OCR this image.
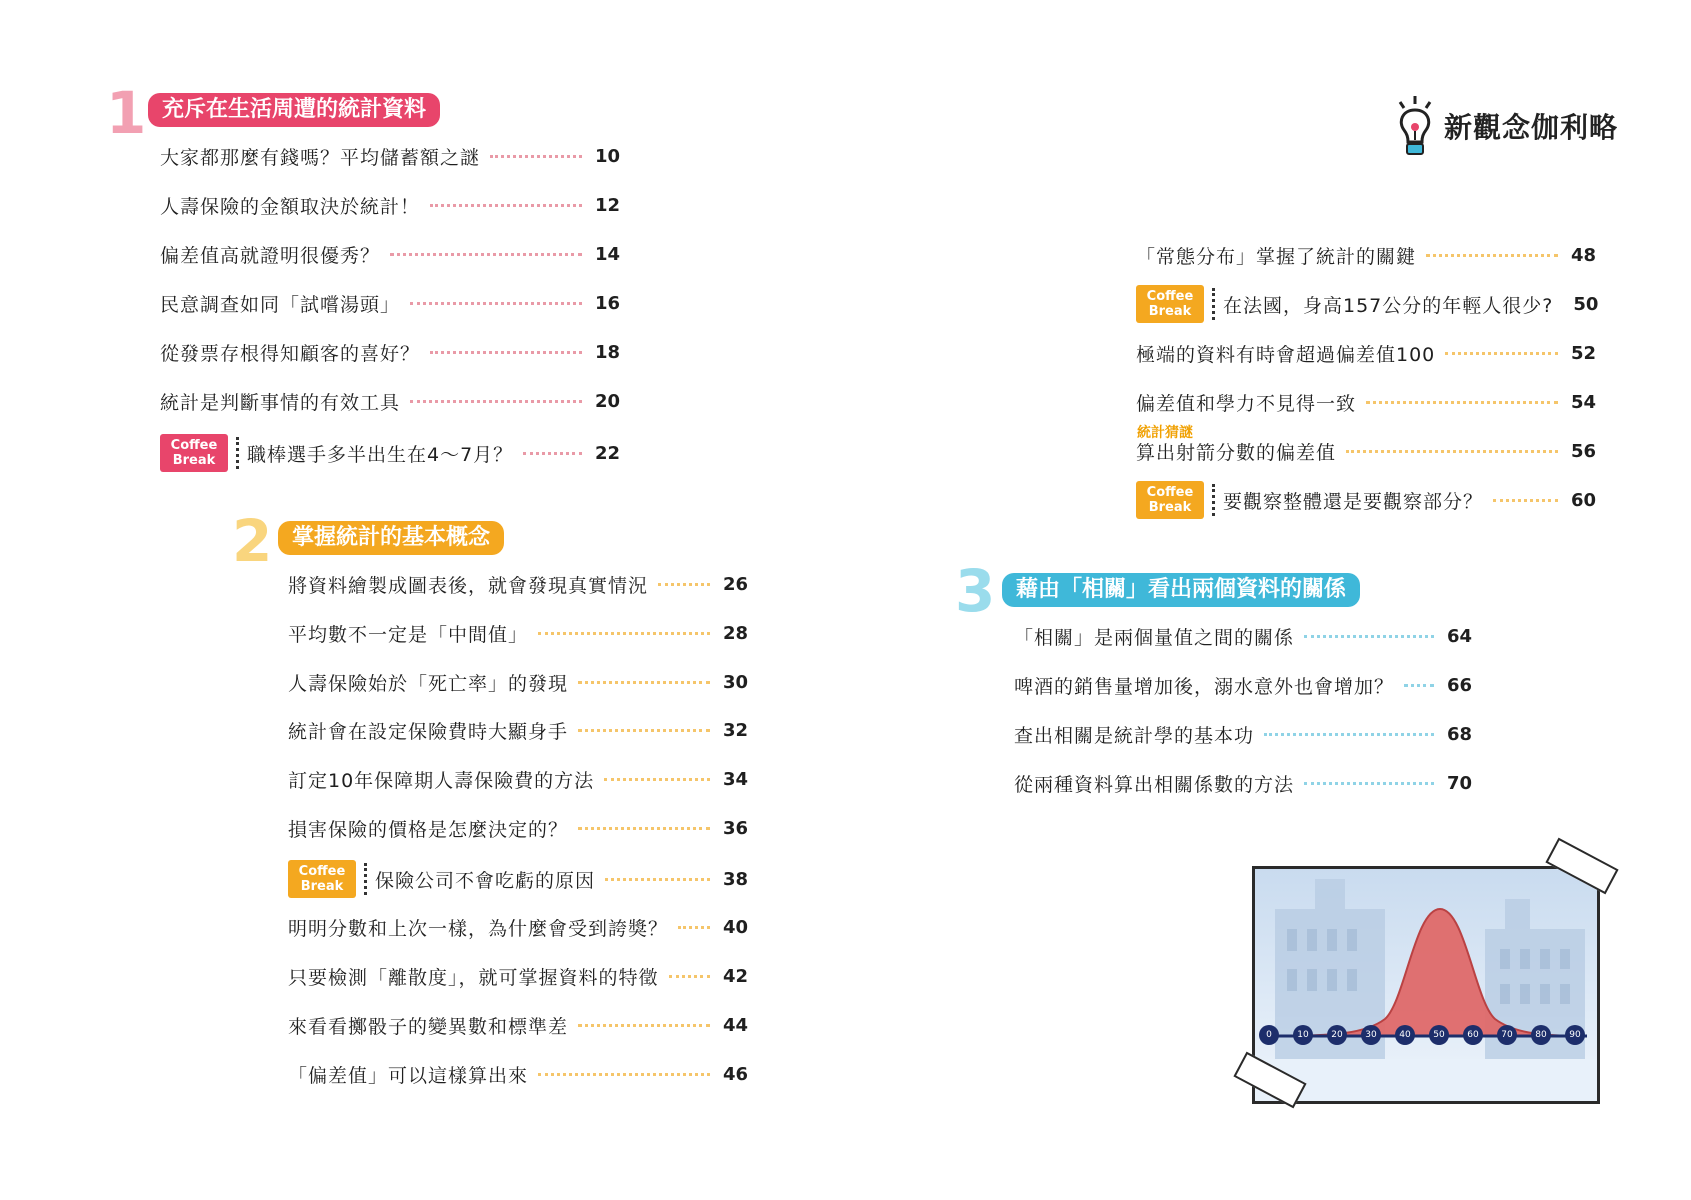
1 充斥在生活周遭的統計資料
大家都那麼有錢嗎？平均儲蓄額之謎	10
人壽保險的金額取決於統計！	12
偏差值高就證明很優秀？	14
民意調查如同「試嚐湯頭」	16
從發票存根得知顧客的喜好？	18
統計是判斷事情的有效工具	20
Coffee
Break	職棒選手多半出生在4〜7月？	22
2 掌握統計的基本概念
將資料繪製成圖表後，就會發現真實情況	26
平均數不一定是「中間值」	28
人壽保險始於「死亡率」的發現	30
統計會在設定保險費時大顯身手	32
訂定10年保障期人壽保險費的方法	34
損害保險的價格是怎麼決定的？	36
Coffee
Break	保險公司不會吃虧的原因	38
明明分數和上次一樣，為什麼會受到誇獎？	40
只要檢測「離散度」，就可掌握資料的特徵	42
來看看擲骰子的變異數和標準差	44
「偏差值」可以這樣算出來	46
新觀念伽利略
「常態分布」掌握了統計的關鍵	48
Coffee
Break	在法國，身高157公分的年輕人很少? 50
極端的資料有時會超過偏差值100	52
偏差值和學力不見得一致	54
統計猜謎
算出射箭分數的偏差值	56
Coffee
Break	要觀察整體還是要觀察部分？	60
3 藉由「相關」看出兩個資料的關係
「相關」是兩個量值之間的關係	64
啤酒的銷售量增加後，溺水意外也會增加？	66
查出相關是統計學的基本功	68
從兩種資料算出相關係數的方法	70
0	10	20	30	40	50	60	70	80	90
